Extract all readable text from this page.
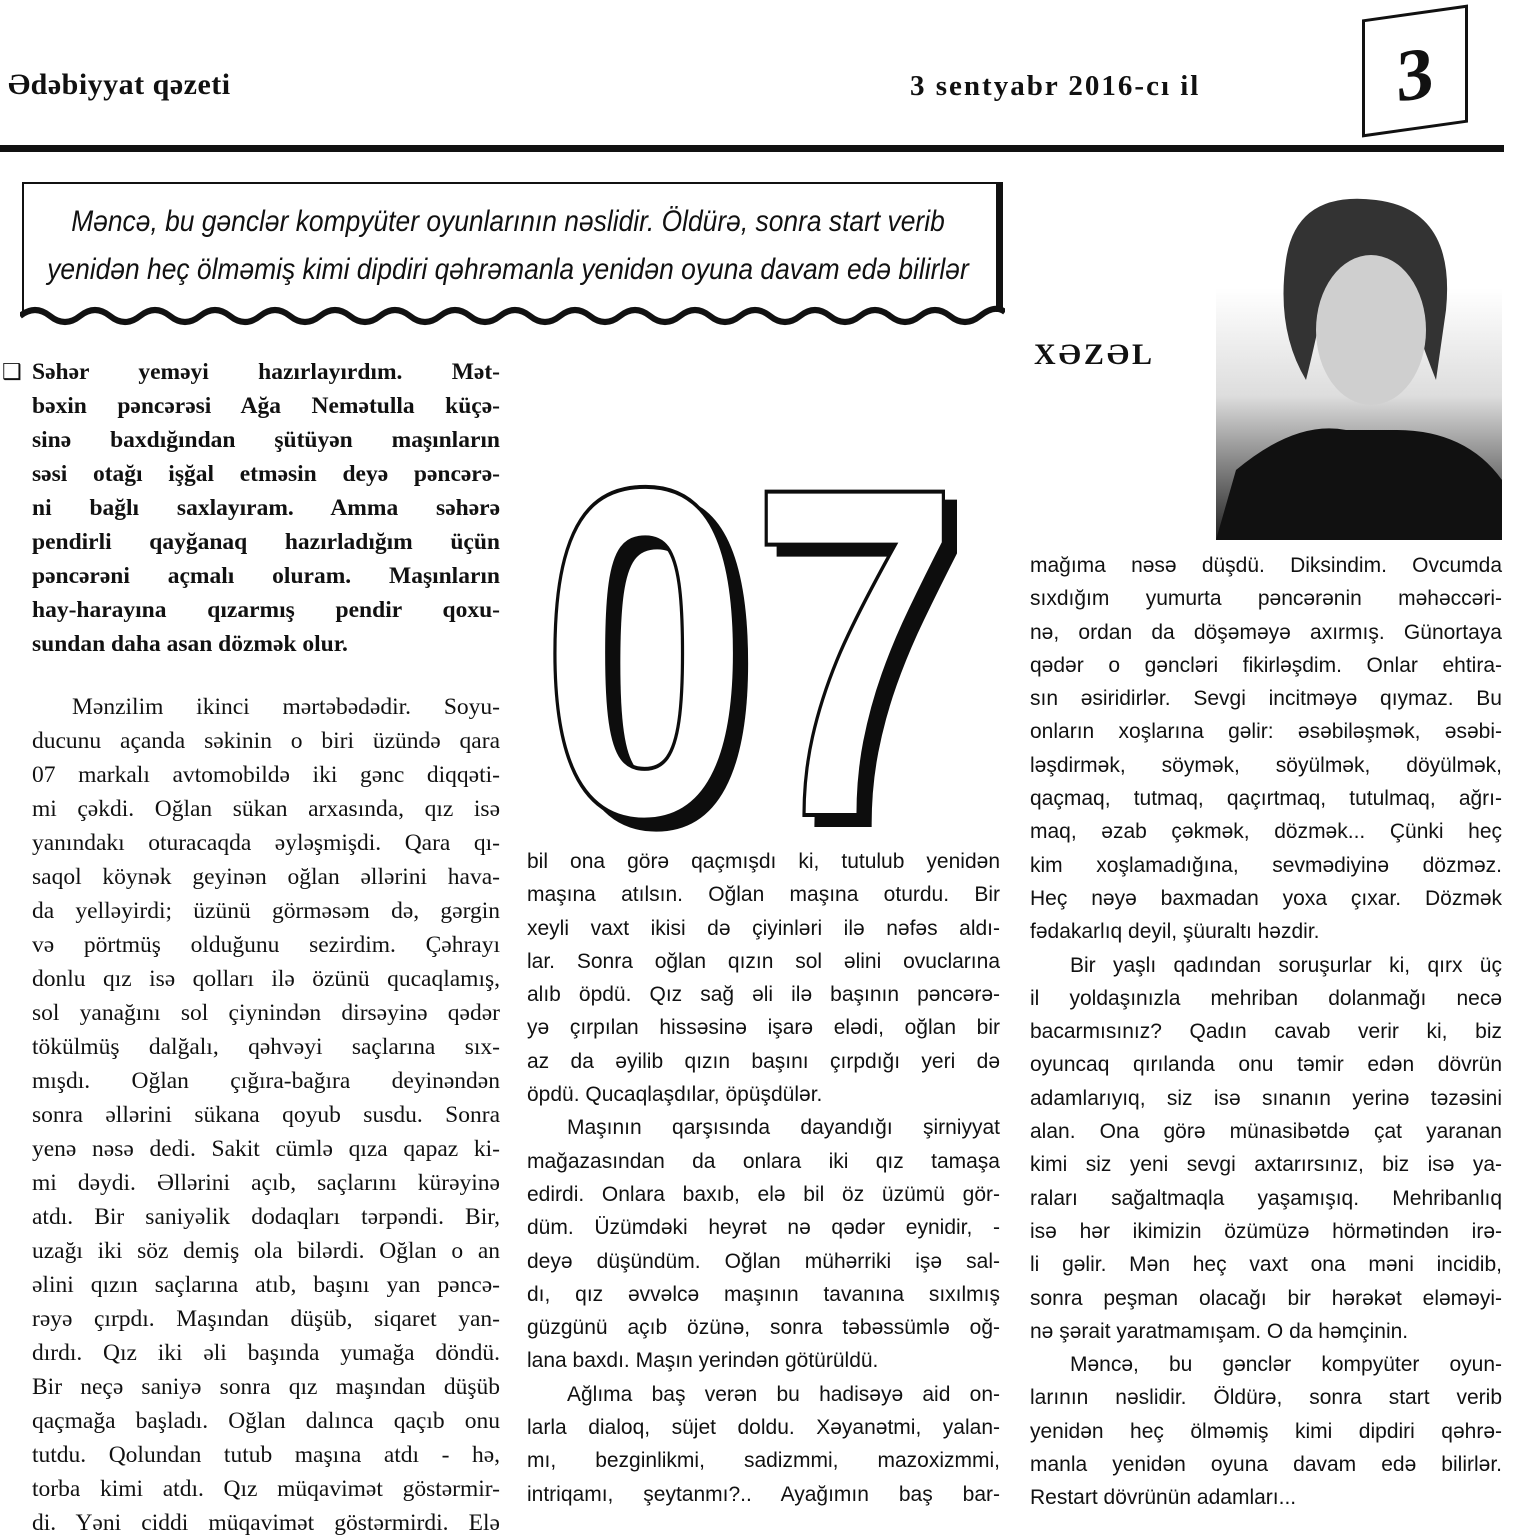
Ədəbiyyat qəzeti	3 sentyabr 2016-cı il	3
Məncə, bu gənclər kompyüter oyunlarının nəslidir. Öldürə, sonra start verib
yenidən heç ölməmiş kimi dipdiri qəhrəmanla yenidən oyuna davam edə bilirlər
XƏZƏL
07
❑ Səhər yeməyi hazırlayırdım. Mət-
bəxin pəncərəsi Ağa Nemətulla küçə-
sinə baxdığından şütüyən maşınların
səsi otağı işğal etməsin deyə pəncərə-
ni bağlı saxlayıram. Amma səhərə
pendirli qayğanaq hazırladığım üçün
pəncərəni açmalı oluram. Maşınların
hay-harayına qızarmış pendir qoxu-
sundan daha asan dözmək olur.
Mənzilim ikinci mərtəbədədir. Soyu-
ducunu açanda səkinin o biri üzündə qara
07 markalı avtomobildə iki gənc diqqəti-
mi çəkdi. Oğlan sükan arxasında, qız isə
yanındakı oturacaqda əyləşmişdi. Qara qı-
saqol köynək geyinən oğlan əllərini hava-
da yelləyirdi; üzünü görməsəm də, gərgin
və pörtmüş olduğunu sezirdim. Çəhrayı
donlu qız isə qolları ilə özünü qucaqlamış,
sol yanağını sol çiynindən dirsəyinə qədər
tökülmüş dalğalı, qəhvəyi saçlarına sıx-
mışdı. Oğlan çığıra-bağıra deyinəndən
sonra əllərini sükana qoyub susdu. Sonra
yenə nəsə dedi. Sakit cümlə qıza qapaz ki-
mi dəydi. Əllərini açıb, saçlarını kürəyinə
atdı. Bir saniyəlik dodaqları tərpəndi. Bir,
uzağı iki söz demiş ola bilərdi. Oğlan o an
əlini qızın saçlarına atıb, başını yan pəncə-
rəyə çırpdı. Maşından düşüb, siqaret yan-
dırdı. Qız iki əli başında yumağa döndü.
Bir neçə saniyə sonra qız maşından düşüb
qaçmağa başladı. Oğlan dalınca qaçıb onu
tutdu. Qolundan tutub maşına atdı - hə,
torba kimi atdı. Qız müqavimət göstərmir-
di. Yəni ciddi müqavimət göstərmirdi. Elə
bil ona görə qaçmışdı ki, tutulub yenidən
maşına atılsın. Oğlan maşına oturdu. Bir
xeyli vaxt ikisi də çiyinləri ilə nəfəs aldı-
lar. Sonra oğlan qızın sol əlini ovuclarına
alıb öpdü. Qız sağ əli ilə başının pəncərə-
yə çırpılan hissəsinə işarə elədi, oğlan bir
az da əyilib qızın başını çırpdığı yeri də
öpdü. Qucaqlaşdılar, öpüşdülər.
Maşının qarşısında dayandığı şirniyyat
mağazasından da onlara iki qız tamaşa
edirdi. Onlara baxıb, elə bil öz üzümü gör-
düm. Üzümdəki heyrət nə qədər eynidir, -
deyə düşündüm. Oğlan mühərriki işə sal-
dı, qız əvvəlcə maşının tavanına sıxılmış
güzgünü açıb özünə, sonra təbəssümlə oğ-
lana baxdı. Maşın yerindən götürüldü.
Ağlıma baş verən bu hadisəyə aid on-
larla dialoq, süjet doldu. Xəyanətmi, yalan-
mı, bezginlikmi, sadizmmi, mazoxizmmi,
intriqamı, şeytanmı?.. Ayağımın baş bar-
mağıma nəsə düşdü. Diksindim. Ovcumda
sıxdığım yumurta pəncərənin məhəccəri-
nə, ordan da döşəməyə axırmış. Günortaya
qədər o gəncləri fikirləşdim. Onlar ehtira-
sın əsiridirlər. Sevgi incitməyə qıymaz. Bu
onların xoşlarına gəlir: əsəbiləşmək, əsəbi-
ləşdirmək, söymək, söyülmək, döyülmək,
qaçmaq, tutmaq, qaçırtmaq, tutulmaq, ağrı-
maq, əzab çəkmək, dözmək... Çünki heç
kim xoşlamadığına, sevmədiyinə dözməz.
Heç nəyə baxmadan yoxa çıxar. Dözmək
fədakarlıq deyil, şüuraltı həzdir.
Bir yaşlı qadından soruşurlar ki, qırx üç
il yoldaşınızla mehriban dolanmağı necə
bacarmısınız? Qadın cavab verir ki, biz
oyuncaq qırılanda onu təmir edən dövrün
adamlarıyıq, siz isə sınanın yerinə təzəsini
alan. Ona görə münasibətdə çat yaranan
kimi siz yeni sevgi axtarırsınız, biz isə ya-
raları sağaltmaqla yaşamışıq. Mehribanlıq
isə hər ikimizin özümüzə hörmətindən irə-
li gəlir. Mən heç vaxt ona məni incidib,
sonra peşman olacağı bir hərəkət eləməyi-
nə şərait yaratmamışam. O da həmçinin.
Məncə, bu gənclər kompyüter oyun-
larının nəslidir. Öldürə, sonra start verib
yenidən heç ölməmiş kimi dipdiri qəhrə-
manla yenidən oyuna davam edə bilirlər.
Restart dövrünün adamları...
